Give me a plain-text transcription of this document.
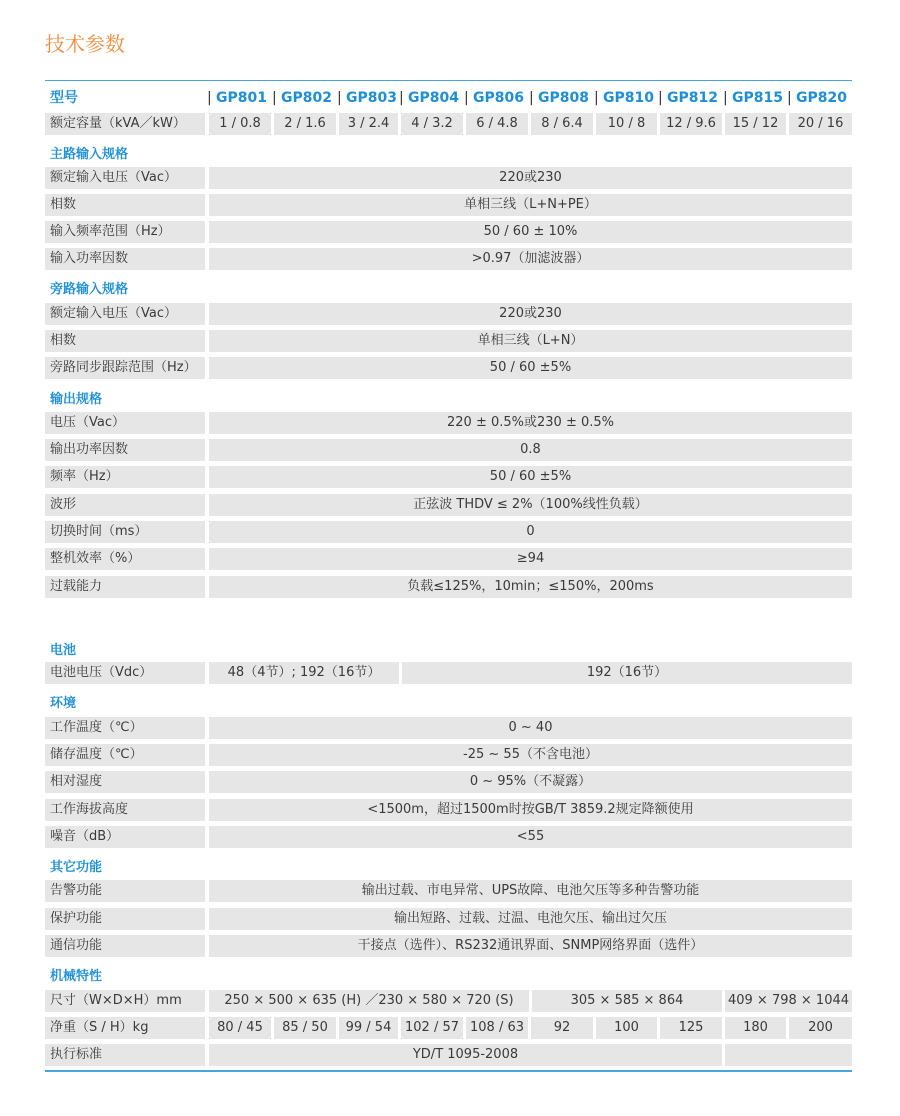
技术参数
型号	| GP801	| GP802	| GP803 | GP804	| GP806	| GP808	| GP810 | GP812	| GP815 | GP820
额定容量（kVA／kW）	1 / 0.8	2 / 1.6	3 / 2.4	4 / 3.2	6 / 4.8	8 / 6.4	10 / 8	12 / 9.6	15 / 12	20 / 16
主路输入规格
额定输入电压（Vac）	220或230
相数	单相三线（L+N+PE）
输入频率范围（Hz）	50 / 60 ± 10%
输入功率因数	>0.97（加滤波器）
旁路输入规格
额定输入电压（Vac）	220或230
相数	单相三线（L+N）
旁路同步跟踪范围（Hz）	50 / 60 ±5%
输出规格
电压（Vac）	220 ± 0.5%或230 ± 0.5%
输出功率因数	0.8
频率（Hz）	50 / 60 ±5%
波形	正弦波 THDV ≤ 2%（100%线性负载）
切换时间（ms）	0
整机效率（%）	≥94
过载能力	负载≤125%，10min；≤150%，200ms
电池
电池电压（Vdc）	48（4节）; 192（16节）	192（16节）
环境
工作温度（℃）	0 ~ 40
储存温度（℃）	-25 ~ 55（不含电池）
相对湿度	0 ~ 95%（不凝露）
工作海拔高度	<1500m，超过1500m时按GB/T 3859.2规定降额使用
噪音（dB）	<55
其它功能
告警功能	输出过载、市电异常、UPS故障、电池欠压等多种告警功能
保护功能	输出短路、过载、过温、电池欠压、输出过欠压
通信功能	干接点（选件）、RS232通讯界面、SNMP网络界面（选件）
机械特性
尺寸（W×D×H）mm	250 × 500 × 635 (H) ／230 × 580 × 720 (S)	305 × 585 × 864	409 × 798 × 1044
净重（S / H）kg	80 / 45	85 / 50	99 / 54	102 / 57 108 / 63	92	100	125	180	200
执行标准	YD/T 1095-2008
